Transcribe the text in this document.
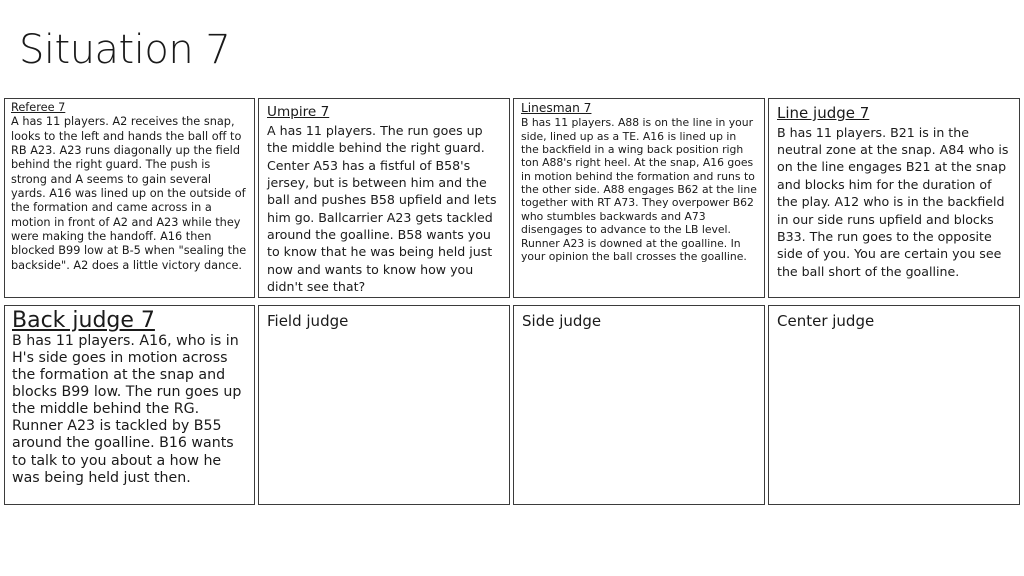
Situation 7
Referee 7
A has 11 players. A2 receives the snap, looks to the left and hands the ball off to RB A23. A23 runs diagonally up the field behind the right guard. The push is strong and A seems to gain several yards. A16 was lined up on the outside of the formation and came across in a motion in front of A2 and A23 while they were making the handoff. A16 then blocked B99 low at B-5 when "sealing the backside". A2 does a little victory dance.
Umpire 7
A has 11 players. The run goes up the middle behind the right guard. Center A53 has a fistful of B58's jersey, but is between him and the ball and pushes B58 upfield and lets him go. Ballcarrier A23 gets tackled around the goalline. B58 wants you to know that he was being held just now and wants to know how you didn't see that?
Linesman 7
B has 11 players. A88 is on the line in your side, lined up as a TE. A16 is lined up in the backfield in a wing back position righ ton A88's right heel. At the snap, A16 goes in motion behind the formation and runs to the other side. A88 engages B62 at the line together with RT A73. They overpower B62 who stumbles backwards and A73 disengages to advance to the LB level. Runner A23 is downed at the goalline. In your opinion the ball crosses the goalline.
Line judge 7
B has 11 players. B21 is in the neutral zone at the snap. A84 who is on the line engages B21 at the snap and blocks him for the duration of the play. A12 who is in the backfield in our side runs upfield and blocks B33. The run goes to the opposite side of you. You are certain you see the ball short of the goalline.
Back judge 7
B has 11 players. A16, who is in H's side goes in motion across the formation at the snap and blocks B99 low. The run goes up the middle behind the RG. Runner A23 is tackled by B55 around the goalline. B16 wants to talk to you about a how he was being held just then.
Field judge	Side judge	Center judge
